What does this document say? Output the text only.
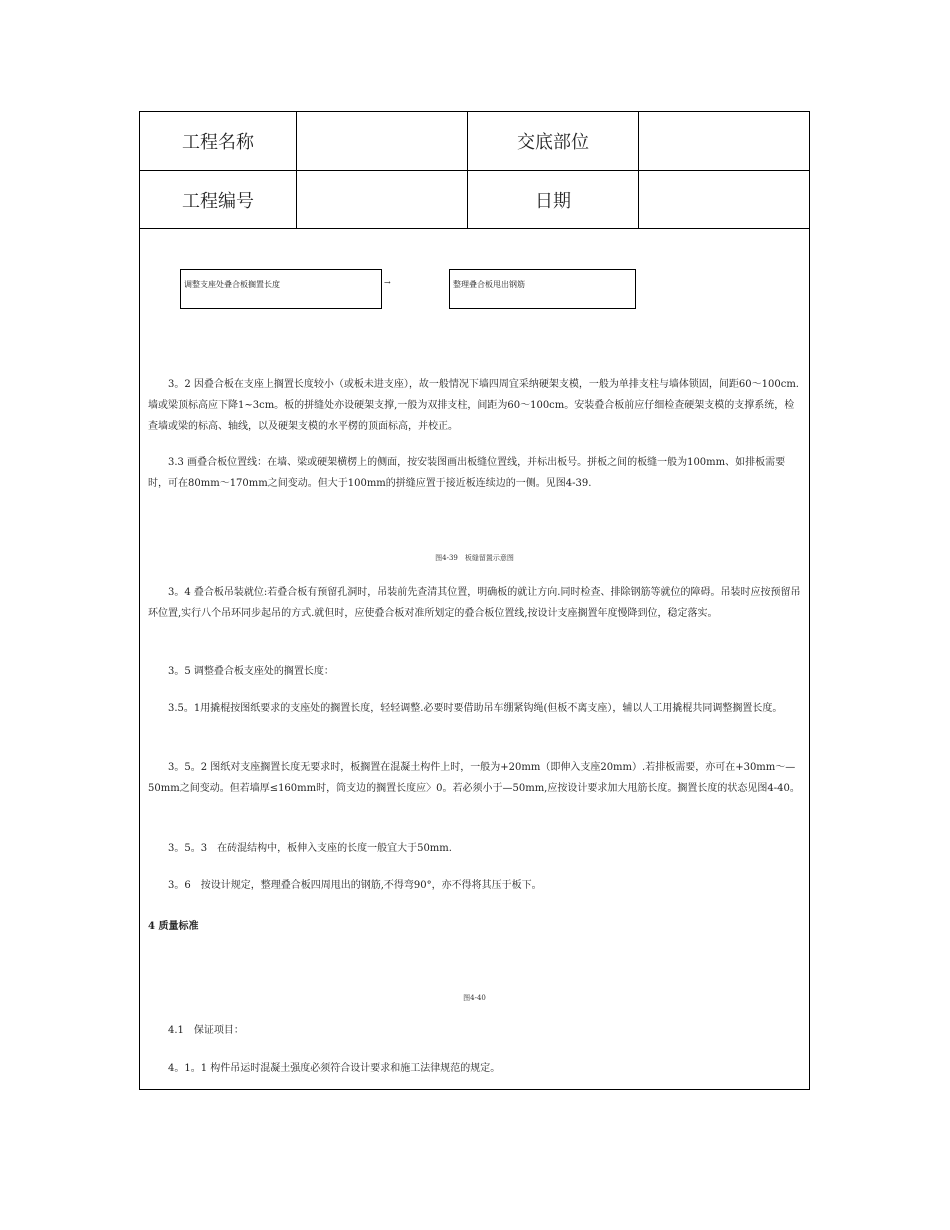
工程名称	交底部位
工程编号	日期
调整支座处叠合板搁置长度	→	整理叠合板甩出钢筋

3。2 因叠合板在支座上搁置长度较小（或板未进支座），故一般情况下墙四周宜采纳硬架支模，一般为单排支柱与墙体锁固，间距60～100cm.墙或梁顶标高应下降1~3cm。板的拼缝处亦设硬架支撑,一般为双排支柱，间距为60～100cm。安装叠合板前应仔细检查硬架支模的支撑系统，检查墙或梁的标高、轴线，以及硬架支模的水平楞的顶面标高，并校正。

3.3 画叠合板位置线：在墙、梁或硬架横楞上的侧面，按安装图画出板缝位置线，并标出板号。拼板之间的板缝一般为100mm、如排板需要时，可在80mm～170mm之间变动。但大于100mm的拼缝应置于接近板连续边的一侧。见图4-39.

图4-39　板缝留置示意图

3。4 叠合板吊装就位:若叠合板有预留孔洞时，吊装前先查清其位置，明确板的就让方向.同时检查、排除钢筋等就位的障碍。吊装时应按预留吊环位置,实行八个吊环同步起吊的方式.就但时，应使叠合板对准所划定的叠合板位置线,按设计支座搁置年度慢降到位，稳定落实。

3。5 调整叠合板支座处的搁置长度：

3.5。1用撬棍按图纸要求的支座处的搁置长度，轻轻调整.必要时要借助吊车绷紧钩绳(但板不离支座），辅以人工用撬棍共同调整搁置长度。

3。5。2 图纸对支座搁置长度无要求时，板搁置在混凝土构件上时，一般为+20mm（即伸入支座20mm）.若排板需要，亦可在+30mm～—50mm之间变动。但若墙厚≤160mm时，筒支边的搁置长度应〉0。若必须小于—50mm,应按设计要求加大甩筋长度。搁置长度的状态见图4-40。

3。5。3　在砖混结构中，板伸入支座的长度一般宜大于50mm.

3。6　按设计规定，整理叠合板四周甩出的钢筋,不得弯90°，亦不得将其压于板下。

4 质量标准
图4-40

4.1　保证项目：

4。1。1 构件吊运时混凝土强度必须符合设计要求和施工法律规范的规定。
